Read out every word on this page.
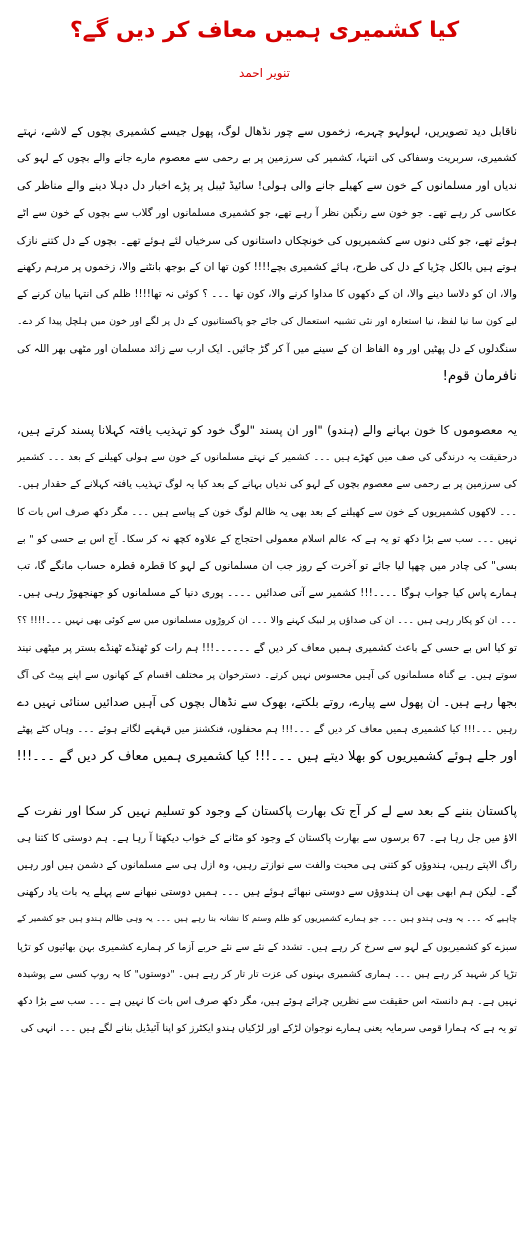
کیا کشمیری ہمیں معاف کر دیں گے؟
تنویر احمد
ناقابل دید تصویریں، لہولہو چہرے، زخموں سے چور نڈھال لوگ، پھول جیسے کشمیری بچوں کے لاشے، نہتے
کشمیری، سربریت وسفاکی کی انتہا، کشمیر کی سرزمین پر بے رحمی سے معصوم مارے جانے والے بچوں کے لہو کی
ندیاں اور مسلمانوں کے خون سے کھیلے جانے والی ہولی! سائیڈ ٹیبل پر پڑے اخبار دل دہلا دینے والے مناظر کی
عکاسی کر رہے تھے۔ جو خون سے رنگین نظر آ رہے تھے، جو کشمیری مسلمانوں اور گلاب سے بچوں کے خون سے اٹے
ہوئے تھے، جو کئی دنوں سے کشمیریوں کی خونچکاں داستانوں کی سرخیاں لئے ہوئے تھے۔ بچوں کے دل کتنے نازک
ہوتے ہیں بالکل چڑیا کے دل کی طرح، ہائے کشمیری بچے!!!! کون تھا ان کے بوجھ بانٹنے والا، زخموں پر مرہم رکھنے
والا، ان کو دلاسا دینے والا، ان کے دکھوں کا مداوا کرنے والا، کون تھا ۔۔۔ ؟ کوئی نہ تھا!!!! ظلم کی انتہا بیان کرنے کے
لیے کون سا نیا لفظ، نیا استعارہ اور نئی تشبیہ استعمال کی جائے جو پاکستانیوں کے دل پر لگے اور خون میں ہلچل پیدا کر دے۔
سنگدلوں کے دل پھٹیں اور وہ الفاظ ان کے سینے میں آ کر گڑ جائیں۔ ایک ارب سے زائد مسلمان اور مٹھی بھر اللہ کی
نافرمان قوم!
یہ معصوموں کا خون بہانے والے (ہندو) "اور ان پسند "لوگ خود کو تہذیب یافتہ کہلانا پسند کرتے ہیں،
درحقیقت یہ درندگی کی صف میں کھڑے ہیں ۔۔۔ کشمیر کے نہتے مسلمانوں کے خون سے ہولی کھیلنے کے بعد ۔۔۔ کشمیر
کی سرزمین پر بے رحمی سے معصوم بچوں کے لہو کی ندیاں بہانے کے بعد کیا یہ لوگ تہذیب یافتہ کہلانے کے حقدار ہیں۔
۔۔۔ لاکھوں کشمیریوں کے خون سے کھیلنے کے بعد بھی یہ ظالم لوگ خون کے پیاسے ہیں ۔۔۔ مگر دکھ صرف اس بات کا
نہیں ۔۔۔ سب سے بڑا دکھ تو یہ ہے کہ عالم اسلام معمولی احتجاج کے علاوہ کچھ نہ کر سکا۔ آج اس بے حسی کو " بے
بسی" کی چادر میں چھپا لیا جائے تو آخرت کے روز جب ان مسلمانوں کے لہو کا قطرہ قطرہ حساب مانگے گا، تب
ہمارے پاس کیا جواب ہوگا ۔۔۔۔!!! کشمیر سے آتی صدائیں ۔۔۔۔ پوری دنیا کے مسلمانوں کو جھنجھوڑ رہی ہیں۔
۔۔۔ ان کو پکار رہی ہیں ۔۔۔ ان کی صداؤں پر لبیک کہنے والا ۔۔۔ ان کروڑوں مسلمانوں میں سے کوئی بھی نہیں ۔۔۔!!!! ؟؟
تو کیا اس بے حسی کے باعث کشمیری ہمیں معاف کر دیں گے ۔۔۔۔۔۔!!! ہم رات کو ٹھنڈے ٹھنڈے بستر پر میٹھی نیند
سوتے ہیں۔ بے گناہ مسلمانوں کی آہیں محسوس نہیں کرتے۔ دسترخوان پر مختلف اقسام کے کھانوں سے اپنے پیٹ کی آگ
بجھا رہے ہیں۔ ان پھول سے پیارے، روتے بلکتے، بھوک سے نڈھال بچوں کی آہیں صدائیں سنائی نہیں دے
رہیں ۔۔۔!!! کیا کشمیری ہمیں معاف کر دیں گے ۔۔۔!!! ہم محفلوں، فنکشنز میں قہقہے لگاتے ہوئے ۔۔۔ وہاں کٹے پھٹے
اور جلے ہوئے کشمیریوں کو بھلا دیتے ہیں ۔۔۔!!! کیا کشمیری ہمیں معاف کر دیں گے ۔۔۔!!!
پاکستان بننے کے بعد سے لے کر آج تک بھارت پاکستان کے وجود کو تسلیم نہیں کر سکا اور نفرت کے
الاؤ میں جل رہا ہے۔ 67 برسوں سے بھارت پاکستان کے وجود کو مٹانے کے خواب دیکھتا آ رہا ہے۔ ہم دوستی کا کتنا ہی
راگ الاپتے رہیں، ہندوؤں کو کتنی ہی محبت والفت سے نوازتے رہیں، وہ ازل ہی سے مسلمانوں کے دشمن ہیں اور رہیں
گے۔ لیکن ہم ابھی بھی ان ہندوؤں سے دوستی نبھائے ہوئے ہیں ۔۔۔ ہمیں دوستی نبھانے سے پہلے یہ بات یاد رکھنی
چاہیے کہ ۔۔۔ یہ وہی ہندو ہیں ۔۔۔ جو ہمارے کشمیریوں کو ظلم وستم کا نشانہ بنا رہے ہیں ۔۔۔ یہ وہی ظالم ہندو ہیں جو کشمیر کے
سبزے کو کشمیریوں کے لہو سے سرخ کر رہے ہیں۔ تشدد کے نئے سے نئے حربے آزما کر ہمارے کشمیری بہن بھائیوں کو تڑپا
تڑپا کر شہید کر رہے ہیں ۔۔۔ ہماری کشمیری بہنوں کی عزت تار تار کر رہے ہیں۔ "دوستوں" کا یہ روپ کسی سے پوشیدہ
نہیں ہے۔ ہم دانستہ اس حقیقت سے نظریں چرائے ہوئے ہیں، مگر دکھ صرف اس بات کا نہیں ہے ۔۔۔ سب سے بڑا دکھ
تو یہ ہے کہ ہمارا قومی سرمایہ یعنی ہمارے نوجوان لڑکے اور لڑکیاں ہندو ایکٹرز کو اپنا آئیڈیل بنانے لگے ہیں ۔۔۔ انہی کی
